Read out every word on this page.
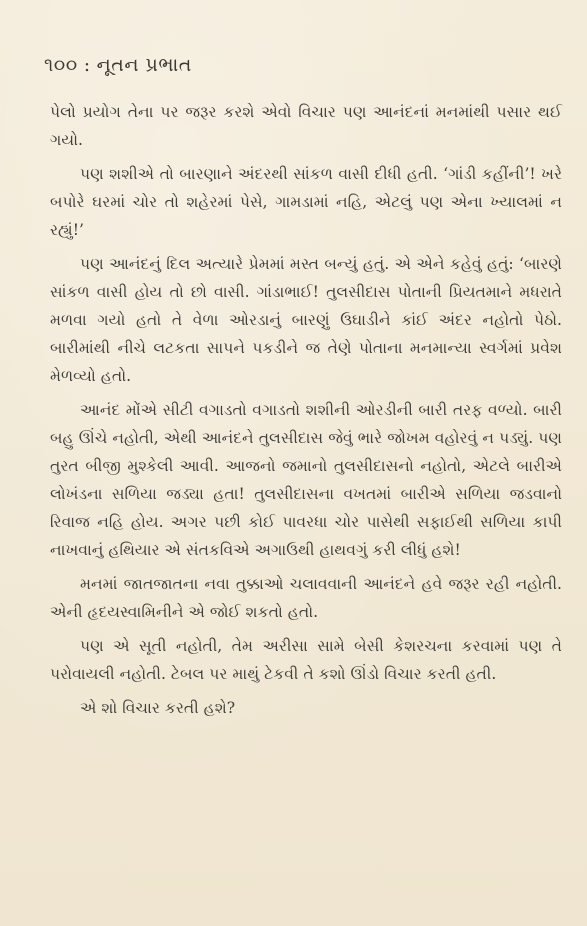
૧૦૦ : નૂતન પ્રભાત

પેલો પ્રયોગ તેના પર જરૂર કરશે એવો વિચાર પણ આનંદનાં મનમાંથી પસાર થઈ ગયો.

પણ શશીએ તો બારણાને અંદરથી સાંકળ વાસી દીધી હતી. ‘ગાંડી કહીંની’! ખરે બપોરે ઘરમાં ચોર તો શહેરમાં પેસે, ગામડામાં નહિ, એટલું પણ એના ખ્યાલમાં ન રહ્યું!’

પણ આનંદનું દિલ અત્યારે પ્રેમમાં મસ્ત બન્યું હતું. એ એને કહેવું હતું: ‘બારણે સાંકળ વાસી હોય તો છો વાસી. ગાંડાભાઈ! તુલસીદાસ પોતાની પ્રિયતમાને મધરાતે મળવા ગયો હતો તે વેળા ઓરડાનું બારણું ઉઘાડીને કાંઈ અંદર નહોતો પેઠો. બારીમાંથી નીચે લટકતા સાપને પકડીને જ તેણે પોતાના મનમાન્યા સ્વર્ગમાં પ્રવેશ મેળવ્યો હતો.

આનંદ મોંએ સીટી વગાડતો વગાડતો શશીની ઓરડીની બારી તરફ વળ્યો. બારી બહુ ઊંચે નહોતી, એથી આનંદને તુલસીદાસ જેવું ભારે જોખમ વહોરવું ન પડ્યું. પણ તુરત બીજી મુશ્કેલી આવી. આજનો જમાનો તુલસીદાસનો નહોતો, એટલે બારીએ લોખંડના સળિયા જડ્યા હતા! તુલસીદાસના વખતમાં બારીએ સળિયા જડવાનો રિવાજ નહિ હોય. અગર પછી કોઈ પાવરધા ચોર પાસેથી સફાઈથી સળિયા કાપી નાખવાનું હથિયાર એ સંતકવિએ અગાઉથી હાથવગું કરી લીધું હશે!

મનમાં જાતજાતના નવા તુક્કાઓ ચલાવવાની આનંદને હવે જરૂર રહી નહોતી. એની હૃદયસ્વામિનીને એ જોઈ શકતો હતો.

પણ એ સૂતી નહોતી, તેમ અરીસા સામે બેસી કેશરચના કરવામાં પણ તે પરોવાયલી નહોતી. ટેબલ પર માથું ટેકવી તે કશો ઊંડો વિચાર કરતી હતી.

એ શો વિચાર કરતી હશે?
